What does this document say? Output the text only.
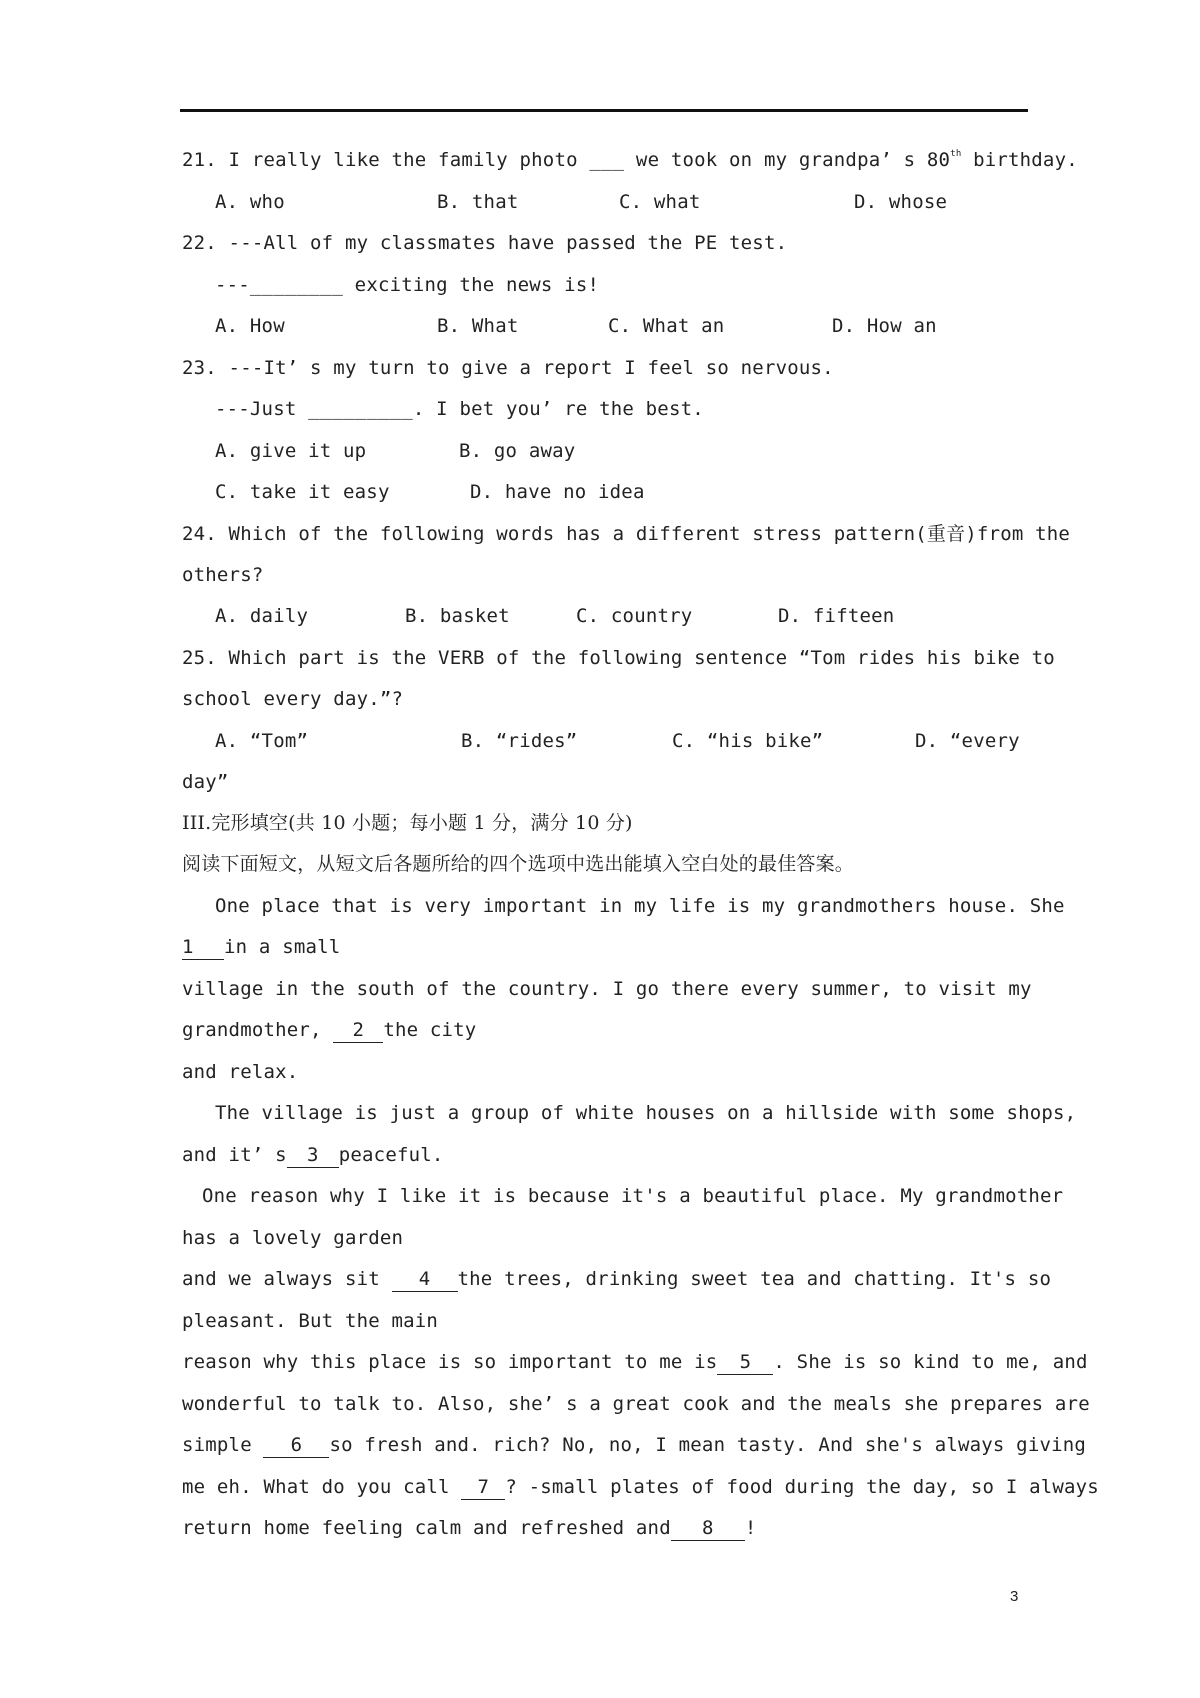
21. I really like the family photo ___ we took on my grandpa’ s 80th birthday.
A. who	B. that	C. what	D. whose
22. ---All of my classmates have passed the PE test.
---________ exciting the news is!
A. How	B. What	C. What an	D. How an
23. ---It’ s my turn to give a report I feel so nervous.
---Just _________. I bet you’ re the best.
A. give it up	B. go away
C. take it easy	D. have no idea
24. Which of the following words has a different stress pattern(重音)from the
others?
A. daily	B. basket	C. country	D. fifteen
25. Which part is the VERB of the following sentence “Tom rides his bike to
school every day.”?
A. “Tom”	B. “rides”	C. “his bike”	D. “every
day”
III.完形填空(共 10 小题；每小题 1 分，满分 10 分)
阅读下面短文，从短文后各题所给的四个选项中选出能填入空白处的最佳答案。
One place that is very important in my life is my grandmothers house. She
1 in a small
village in the south of the country. I go there every summer, to visit my
grandmother, 2 the city
and relax.
The village is just a group of white houses on a hillside with some shops,
and it’ s 3 peaceful.
One reason why I like it is because it's a beautiful place. My grandmother
has a lovely garden
and we always sit 4 the trees, drinking sweet tea and chatting. It's so
pleasant. But the main
reason why this place is so important to me is 5 . She is so kind to me, and
wonderful to talk to. Also, she’ s a great cook and the meals she prepares are
simple 6 so fresh and. rich? No, no, I mean tasty. And she's always giving
me eh. What do you call 7 ? -small plates of food during the day, so I always
return home feeling calm and refreshed and 8 !
3
